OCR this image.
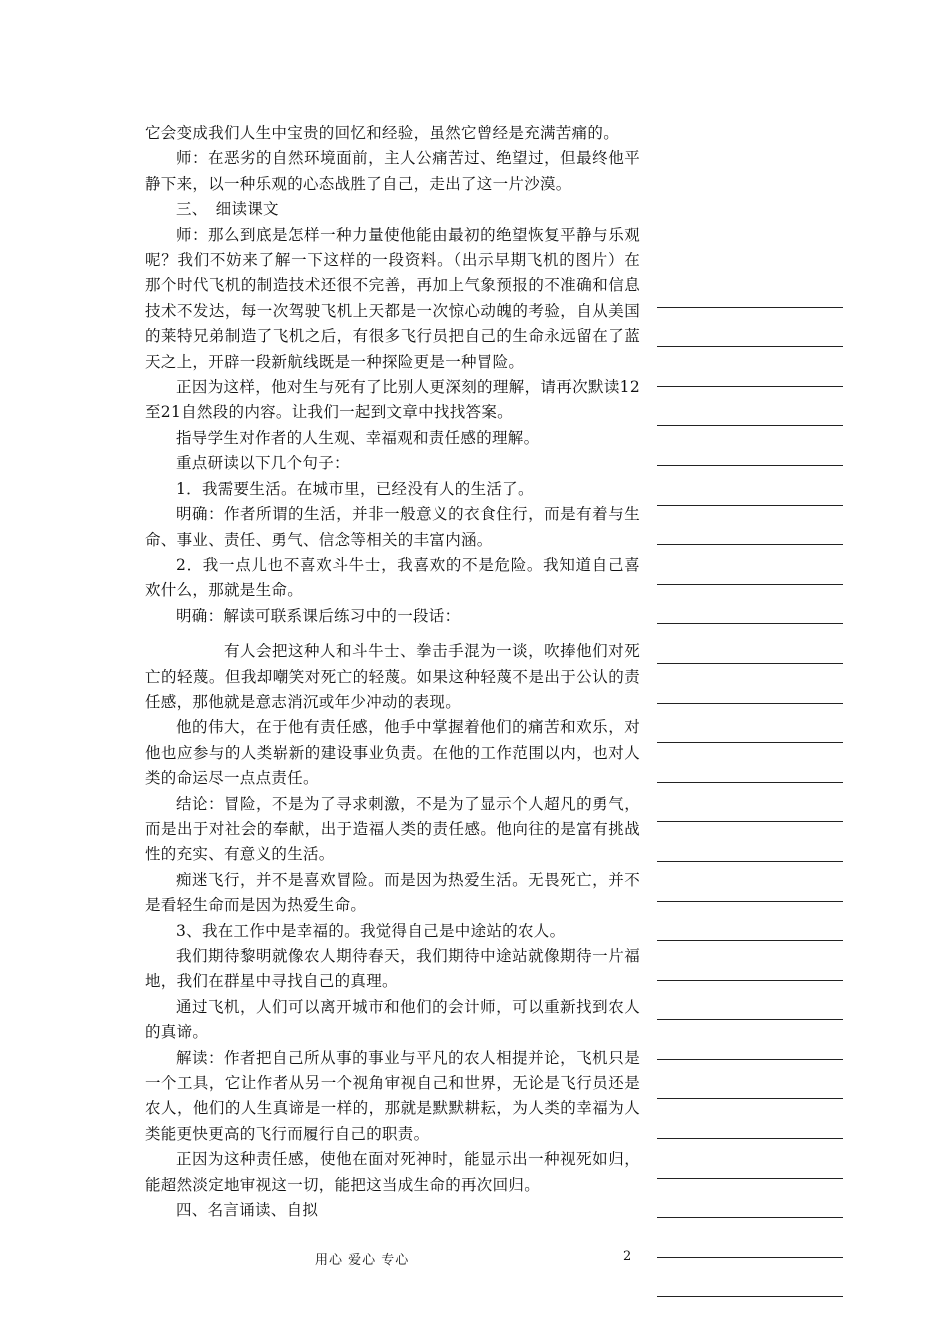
它会变成我们人生中宝贵的回忆和经验，虽然它曾经是充满苦痛的。

师：在恶劣的自然环境面前，主人公痛苦过、绝望过，但最终他平静下来，以一种乐观的心态战胜了自己，走出了这一片沙漠。

三、　细读课文

师：那么到底是怎样一种力量使他能由最初的绝望恢复平静与乐观呢？我们不妨来了解一下这样的一段资料。（出示早期飞机的图片）在那个时代飞机的制造技术还很不完善，再加上气象预报的不准确和信息技术不发达，每一次驾驶飞机上天都是一次惊心动魄的考验，自从美国的莱特兄弟制造了飞机之后，有很多飞行员把自己的生命永远留在了蓝天之上，开辟一段新航线既是一种探险更是一种冒险。

正因为这样，他对生与死有了比别人更深刻的理解，请再次默读12至21自然段的内容。让我们一起到文章中找找答案。

指导学生对作者的人生观、幸福观和责任感的理解。

重点研读以下几个句子：

1．我需要生活。在城市里，已经没有人的生活了。

明确：作者所谓的生活，并非一般意义的衣食住行，而是有着与生命、事业、责任、勇气、信念等相关的丰富内涵。

2．我一点儿也不喜欢斗牛士，我喜欢的不是危险。我知道自己喜欢什么，那就是生命。

明确：解读可联系课后练习中的一段话：

有人会把这种人和斗牛士、拳击手混为一谈，吹捧他们对死亡的轻蔑。但我却嘲笑对死亡的轻蔑。如果这种轻蔑不是出于公认的责任感，那他就是意志消沉或年少冲动的表现。

他的伟大，在于他有责任感，他手中掌握着他们的痛苦和欢乐，对他也应参与的人类崭新的建设事业负责。在他的工作范围以内，也对人类的命运尽一点点责任。

结论：冒险，不是为了寻求刺激，不是为了显示个人超凡的勇气，而是出于对社会的奉献，出于造福人类的责任感。他向往的是富有挑战性的充实、有意义的生活。

痴迷飞行，并不是喜欢冒险。而是因为热爱生活。无畏死亡，并不是看轻生命而是因为热爱生命。

3、我在工作中是幸福的。我觉得自己是中途站的农人。

我们期待黎明就像农人期待春天，我们期待中途站就像期待一片福地，我们在群星中寻找自己的真理。

通过飞机，人们可以离开城市和他们的会计师，可以重新找到农人的真谛。

解读：作者把自己所从事的事业与平凡的农人相提并论，飞机只是一个工具，它让作者从另一个视角审视自己和世界，无论是飞行员还是农人，他们的人生真谛是一样的，那就是默默耕耘，为人类的幸福为人类能更快更高的飞行而履行自己的职责。

正因为这种责任感，使他在面对死神时，能显示出一种视死如归，能超然淡定地审视这一切，能把这当成生命的再次回归。

四、名言诵读、自拟

用心 爱心 专心	2
